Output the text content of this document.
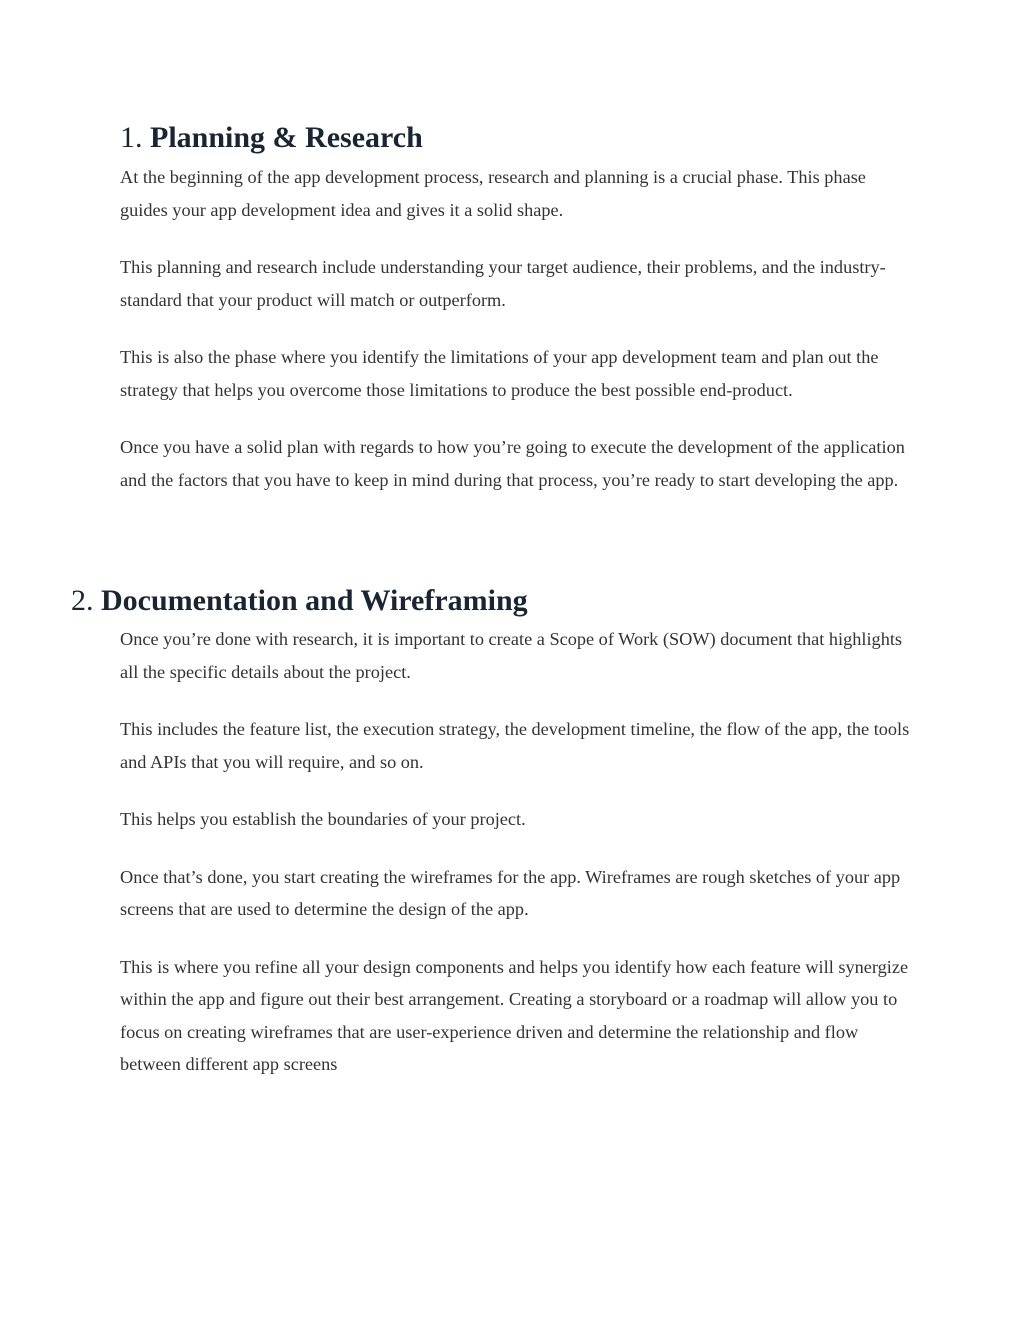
1. Planning & Research

At the beginning of the app development process, research and planning is a crucial phase. This phase guides your app development idea and gives it a solid shape.

This planning and research include understanding your target audience, their problems, and the industry-standard that your product will match or outperform.

This is also the phase where you identify the limitations of your app development team and plan out the strategy that helps you overcome those limitations to produce the best possible end-product.

Once you have a solid plan with regards to how you’re going to execute the development of the application and the factors that you have to keep in mind during that process, you’re ready to start developing the app.

2. Documentation and Wireframing

Once you’re done with research, it is important to create a Scope of Work (SOW) document that highlights all the specific details about the project.

This includes the feature list, the execution strategy, the development timeline, the flow of the app, the tools and APIs that you will require, and so on.

This helps you establish the boundaries of your project.

Once that’s done, you start creating the wireframes for the app. Wireframes are rough sketches of your app screens that are used to determine the design of the app.

This is where you refine all your design components and helps you identify how each feature will synergize within the app and figure out their best arrangement. Creating a storyboard or a roadmap will allow you to focus on creating wireframes that are user-experience driven and determine the relationship and flow between different app screens
